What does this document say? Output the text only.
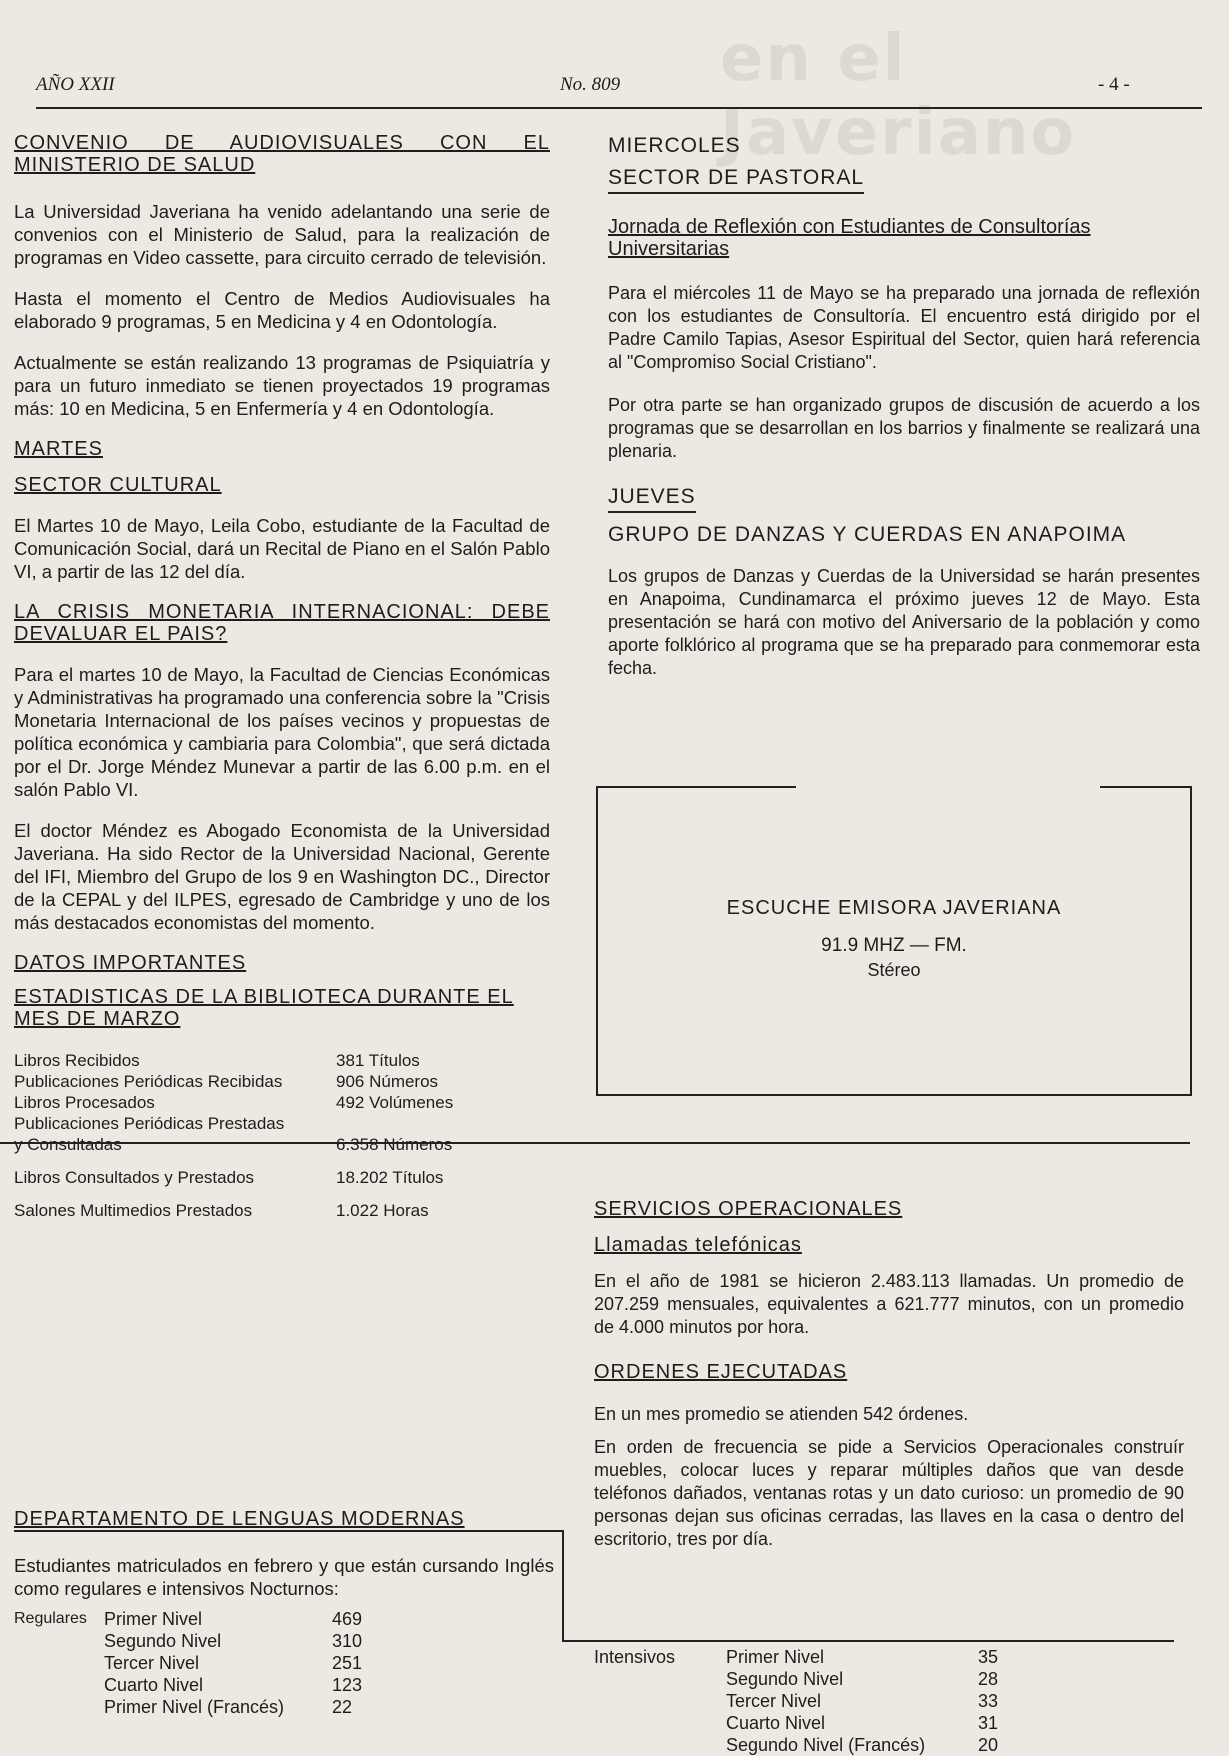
en el Javeriano
AÑO XXII	No. 809	- 4 -
CONVENIO DE AUDIOVISUALES CON EL
MINISTERIO DE SALUD

La Universidad Javeriana ha venido adelantando una serie de convenios con el Ministerio de Salud, para la realización de programas en Video cassette, para circuito cerrado de televisión.

Hasta el momento el Centro de Medios Audiovisuales ha elaborado 9 programas, 5 en Medicina y 4 en Odontología.

Actualmente se están realizando 13 programas de Psiquiatría y para un futuro inmediato se tienen proyectados 19 programas más: 10 en Medicina, 5 en Enfermería y 4 en Odontología.

MARTES
SECTOR CULTURAL

El Martes 10 de Mayo, Leila Cobo, estudiante de la Facultad de Comunicación Social, dará un Recital de Piano en el Salón Pablo VI, a partir de las 12 del día.

LA CRISIS MONETARIA INTERNACIONAL: DEBE
DEVALUAR EL PAIS?

Para el martes 10 de Mayo, la Facultad de Ciencias Económicas y Administrativas ha programado una conferencia sobre la "Crisis Monetaria Internacional de los países vecinos y propuestas de política económica y cambiaria para Colombia", que será dictada por el Dr. Jorge Méndez Munevar a partir de las 6.00 p.m. en el salón Pablo VI.

El doctor Méndez es Abogado Economista de la Universidad Javeriana. Ha sido Rector de la Universidad Nacional, Gerente del IFI, Miembro del Grupo de los 9 en Washington DC., Director de la CEPAL y del ILPES, egresado de Cambridge y uno de los más destacados economistas del momento.

DATOS IMPORTANTES
ESTADISTICAS DE LA BIBLIOTECA DURANTE EL
MES DE MARZO
Libros Recibidos	381 Títulos
Publicaciones Periódicas Recibidas	906 Números
Libros Procesados	492 Volúmenes
Publicaciones Periódicas Prestadas
y Consultadas	6.358 Números
Libros Consultados y Prestados	18.202 Títulos
Salones Multimedios Prestados	1.022 Horas
DEPARTAMENTO DE LENGUAS MODERNAS

Estudiantes matriculados en febrero y que están cursando Inglés como regulares e intensivos Nocturnos:

Regulares Primer Nivel	469
Segundo Nivel	310
Tercer Nivel	251
Cuarto Nivel	123
Primer Nivel (Francés)	22
MIERCOLES
SECTOR DE PASTORAL
Jornada de Reflexión con Estudiantes de Consultorías
Universitarias

Para el miércoles 11 de Mayo se ha preparado una jornada de reflexión con los estudiantes de Consultoría. El encuentro está dirigido por el Padre Camilo Tapias, Asesor Espiritual del Sector, quien hará referencia al "Compromiso Social Cristiano".

Por otra parte se han organizado grupos de discusión de acuerdo a los programas que se desarrollan en los barrios y finalmente se realizará una plenaria.

JUEVES
GRUPO DE DANZAS Y CUERDAS EN ANAPOIMA

Los grupos de Danzas y Cuerdas de la Universidad se harán presentes en Anapoima, Cundinamarca el próximo jueves 12 de Mayo. Esta presentación se hará con motivo del Aniversario de la población y como aporte folklórico al programa que se ha preparado para conmemorar esta fecha.

ESCUCHE EMISORA JAVERIANA
91.9 MHZ — FM.
Stéreo
SERVICIOS OPERACIONALES
Llamadas telefónicas

En el año de 1981 se hicieron 2.483.113 llamadas. Un promedio de 207.259 mensuales, equivalentes a 621.777 minutos, con un promedio de 4.000 minutos por hora.

ORDENES EJECUTADAS

En un mes promedio se atienden 542 órdenes.

En orden de frecuencia se pide a Servicios Operacionales construír muebles, colocar luces y reparar múltiples daños que van desde teléfonos dañados, ventanas rotas y un dato curioso: un promedio de 90 personas dejan sus oficinas cerradas, las llaves en la casa o dentro del escritorio, tres por día.

Intensivos	Primer Nivel	35
Segundo Nivel	28
Tercer Nivel	33
Cuarto Nivel	31
Segundo Nivel (Francés)	20
